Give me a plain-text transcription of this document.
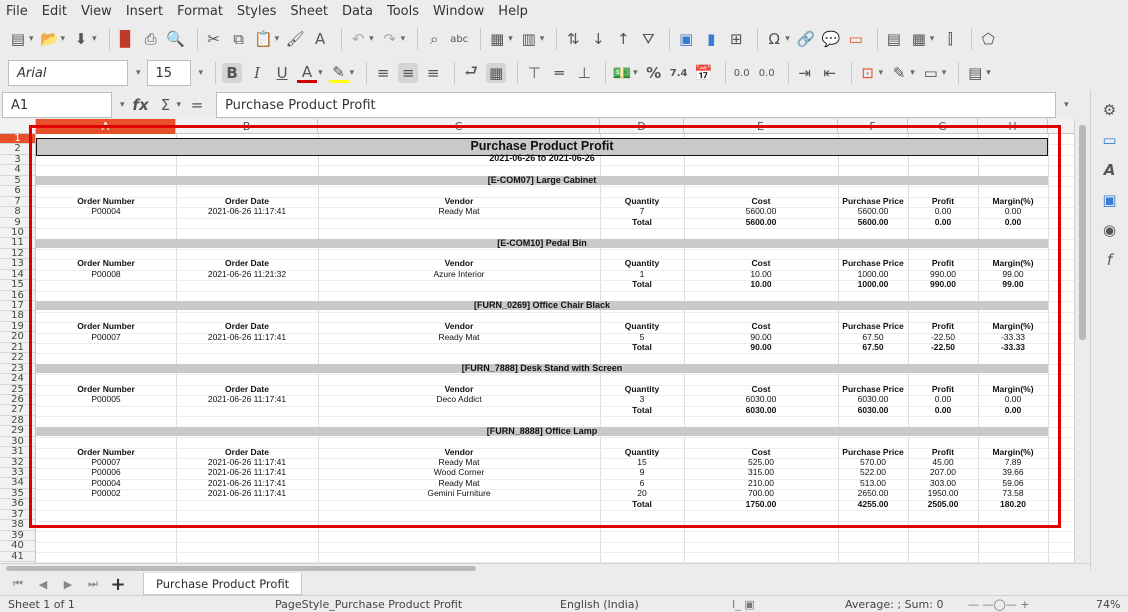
File Edit View Insert Format Styles Sheet Data Tools Window Help
▤ ▾ 📂 ▾ ⬇ ▾ ▉ ⎙ 🔍 ✂ ⧉ 📋 ▾ 🖌 A	↶ ▾ ↷ ▾	⌕	abc ▦ ▾ ▥ ▾ ⇅ ↓ ↑ ⛛ ▣ ▮ ⊞ Ω ▾ 🔗 💬 ▭ ▤ ▦ ▾ ⫿	⬠
Arial	▾	15	▾ B	I	U A ▾ ✎ ▾ ≡ ≡ ≡ ⮐ ▦ ⊤ ═ ⊥ 💵 ▾ % 7.4 📅 0.0 0.0 ⇥ ⇤ ⊡ ▾ ✎ ▾ ▭ ▾ ▤ ▾
A1	▾ fx Σ ▾ =	Purchase Product Profit	▾ ⚙
▭
A
▣
◉
f
A	B	C	D	E	F	G	H
1
2
3
4
5
6
7
8
9
10
11
12
13
14
15
16
17
18
19
20
21
22
23
24
25
26
27
28
29
30
31
32
33
34
35
36
37
38
39
40
41
Purchase Product Profit
2021-06-26 to 2021-06-26
[E-COM07] Large Cabinet
Order Number	Order Date	Vendor	Quantity	Cost	Purchase Price	Profit	Margin(%)
P00004	2021-06-26 11:17:41	Ready Mat	7	5600.00	5600.00	0.00	0.00
Total	5600.00	5600.00	0.00	0.00
[E-COM10] Pedal Bin
Order Number	Order Date	Vendor	Quantity	Cost	Purchase Price	Profit	Margin(%)
P00008	2021-06-26 11:21:32	Azure Interior	1	10.00	1000.00	990.00	99.00
Total	10.00	1000.00	990.00	99.00
[FURN_0269] Office Chair Black
Order Number	Order Date	Vendor	Quantity	Cost	Purchase Price	Profit	Margin(%)
P00007	2021-06-26 11:17:41	Ready Mat	5	90.00	67.50	-22.50	-33.33
Total	90.00	67.50	-22.50	-33.33
[FURN_7888] Desk Stand with Screen
Order Number	Order Date	Vendor	Quantity	Cost	Purchase Price	Profit	Margin(%)
P00005	2021-06-26 11:17:41	Deco Addict	3	6030.00	6030.00	0.00	0.00
Total	6030.00	6030.00	0.00	0.00
[FURN_8888] Office Lamp
Order Number	Order Date	Vendor	Quantity	Cost	Purchase Price	Profit	Margin(%)
P00007	2021-06-26 11:17:41	Ready Mat	15	525.00	570.00	45.00	7.89
P00006	2021-06-26 11:17:41	Wood Corner	9	315.00	522.00	207.00	39.66
P00004	2021-06-26 11:17:41	Ready Mat	6	210.00	513.00	303.00	59.06
P00002	2021-06-26 11:17:41	Gemini Furniture	20	700.00	2650.00	1950.00	73.58
Total	1750.00	4255.00	2505.00	180.20
⏮	◀	▶	⏭ +	Purchase Product Profit
Sheet 1 of 1	PageStyle_Purchase Product Profit	English (India)	I_ ▣	Average: ; Sum: 0 — —◯— +	74%
